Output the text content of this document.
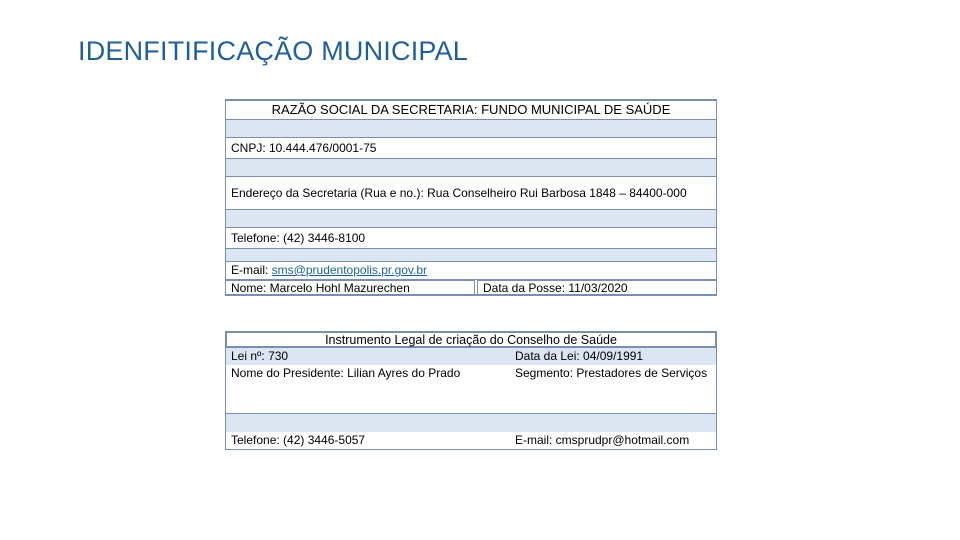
IDENFITIFICAÇÃO MUNICIPAL
RAZÃO SOCIAL DA SECRETARIA: FUNDO MUNICIPAL DE SAÚDE
CNPJ: 10.444.476/0001-75
Endereço da Secretaria (Rua e no.): Rua Conselheiro Rui Barbosa 1848 – 84400-000
Telefone: (42) 3446-8100
E-mail: sms@prudentopolis.pr.gov.br
Nome: Marcelo Hohl Mazurechen	Data da Posse: 11/03/2020
Instrumento Legal de criação do Conselho de Saúde
Lei nº: 730	Data da Lei: 04/09/1991
Nome do Presidente: Lilian Ayres do Prado	Segmento: Prestadores de Serviços
Telefone: (42) 3446-5057	E-mail: cmsprudpr@hotmail.com
